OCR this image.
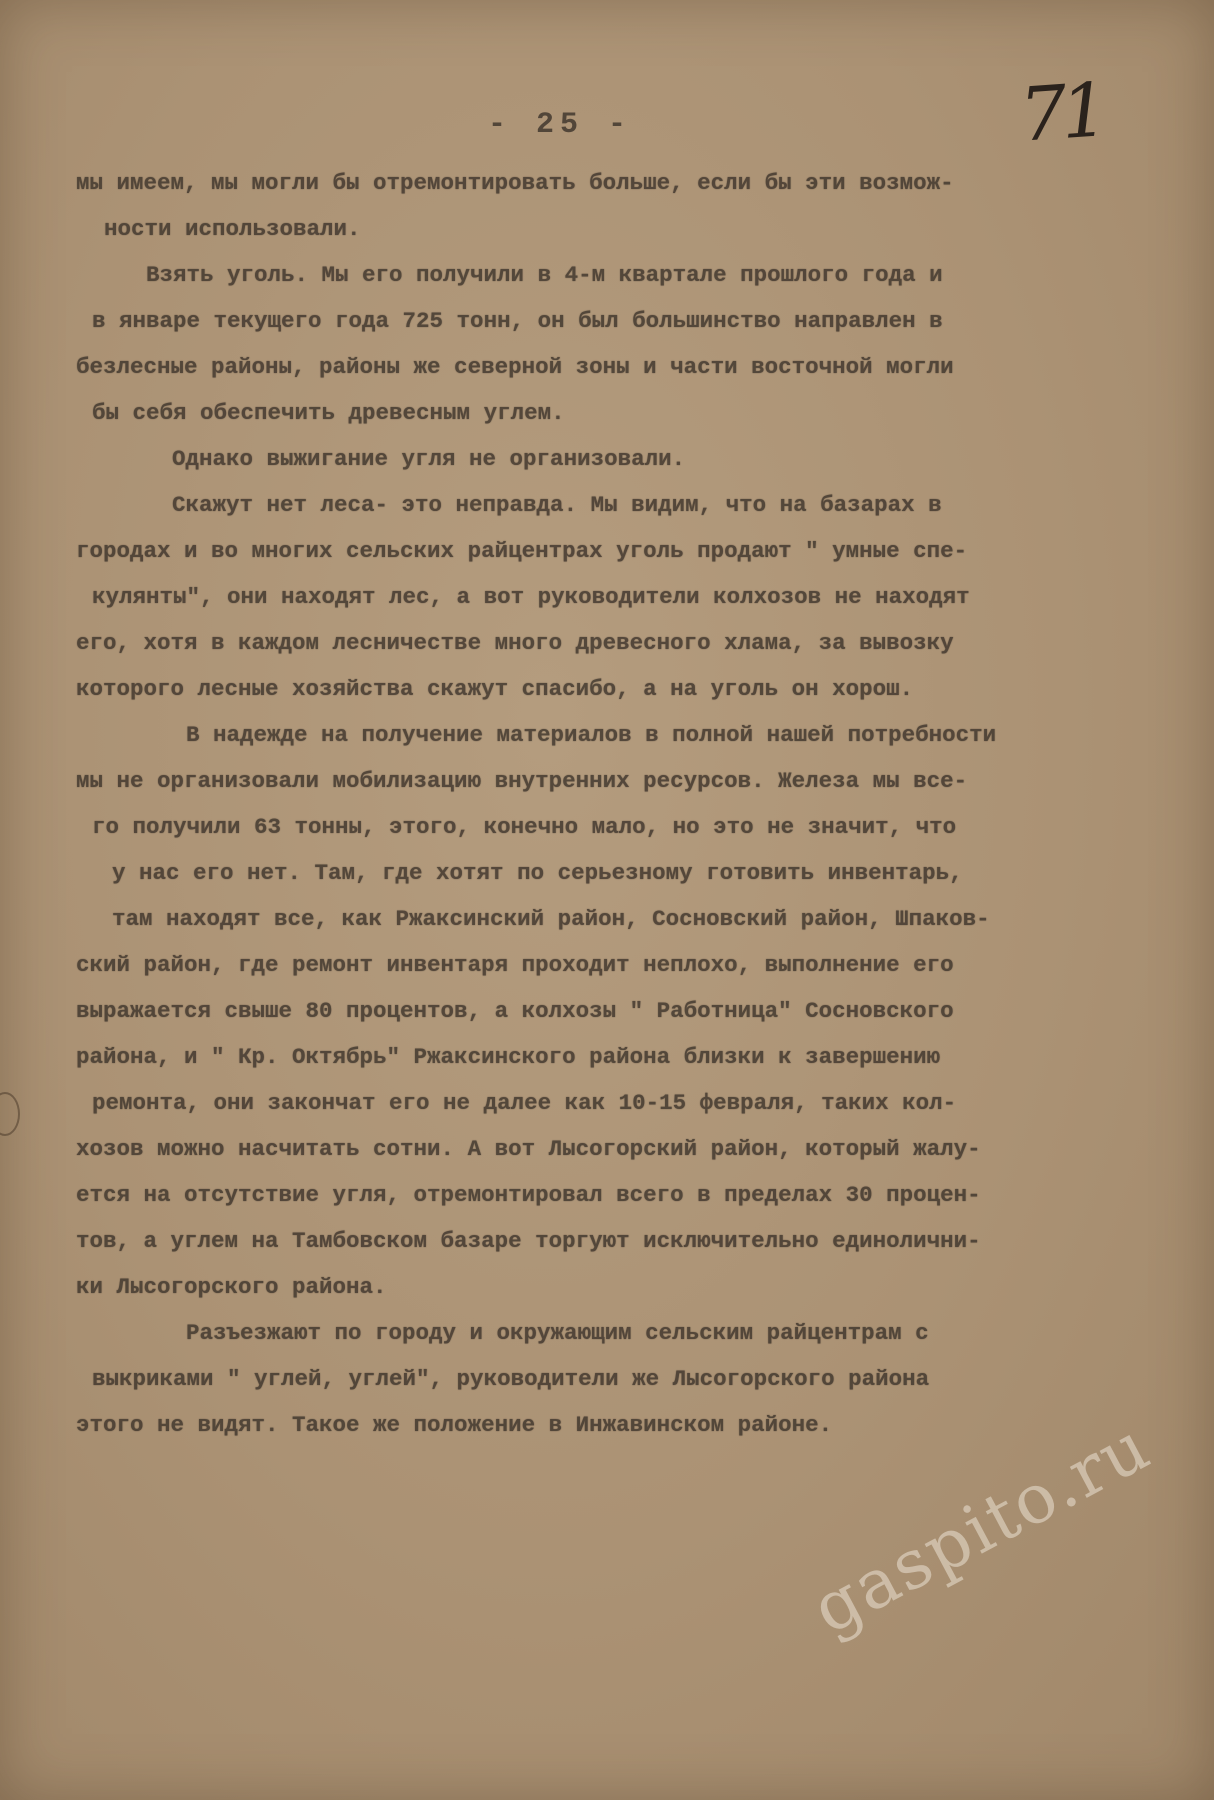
- 25 -	71

мы имеем, мы могли бы отремонтировать больше, если бы эти возмож-

ности использовали.

Взять уголь. Мы его получили в 4-м квартале прошлого года и

в январе текущего года 725 тонн, он был большинство направлен в

безлесные районы, районы же северной зоны и части восточной могли

бы себя обеспечить древесным углем.

Однако выжигание угля не организовали.

Скажут нет леса- это неправда. Мы видим, что на базарах в

городах и во многих сельских райцентрах уголь продают " умные спе-

кулянты", они находят лес, а вот руководители колхозов не находят

его, хотя в каждом лесничестве много древесного хлама, за вывозку

которого лесные хозяйства скажут спасибо, а на уголь он хорош.

В надежде на получение материалов в полной нашей потребности

мы не организовали мобилизацию внутренних ресурсов. Железа мы все-

го получили 63 тонны, этого, конечно мало, но это не значит, что

у нас его нет. Там, где хотят по серьезному готовить инвентарь,

там находят все, как Ржаксинский район, Сосновский район, Шпаков-

ский район, где ремонт инвентаря проходит неплохо, выполнение его

выражается свыше 80 процентов, а колхозы " Работница" Сосновского

района, и " Кр. Октябрь" Ржаксинского района близки к завершению

ремонта, они закончат его не далее как 10-15 февраля, таких кол-

хозов можно насчитать сотни. А вот Лысогорский район, который жалу-

ется на отсутствие угля, отремонтировал всего в пределах 30 процен-

тов, а углем на Тамбовском базаре торгуют исключительно единолични-

ки Лысогорского района.

Разъезжают по городу и окружающим сельским райцентрам с

выкриками " углей, углей", руководители же Лысогорского района

этого не видят. Такое же положение в Инжавинском районе.

gaspito.ru
